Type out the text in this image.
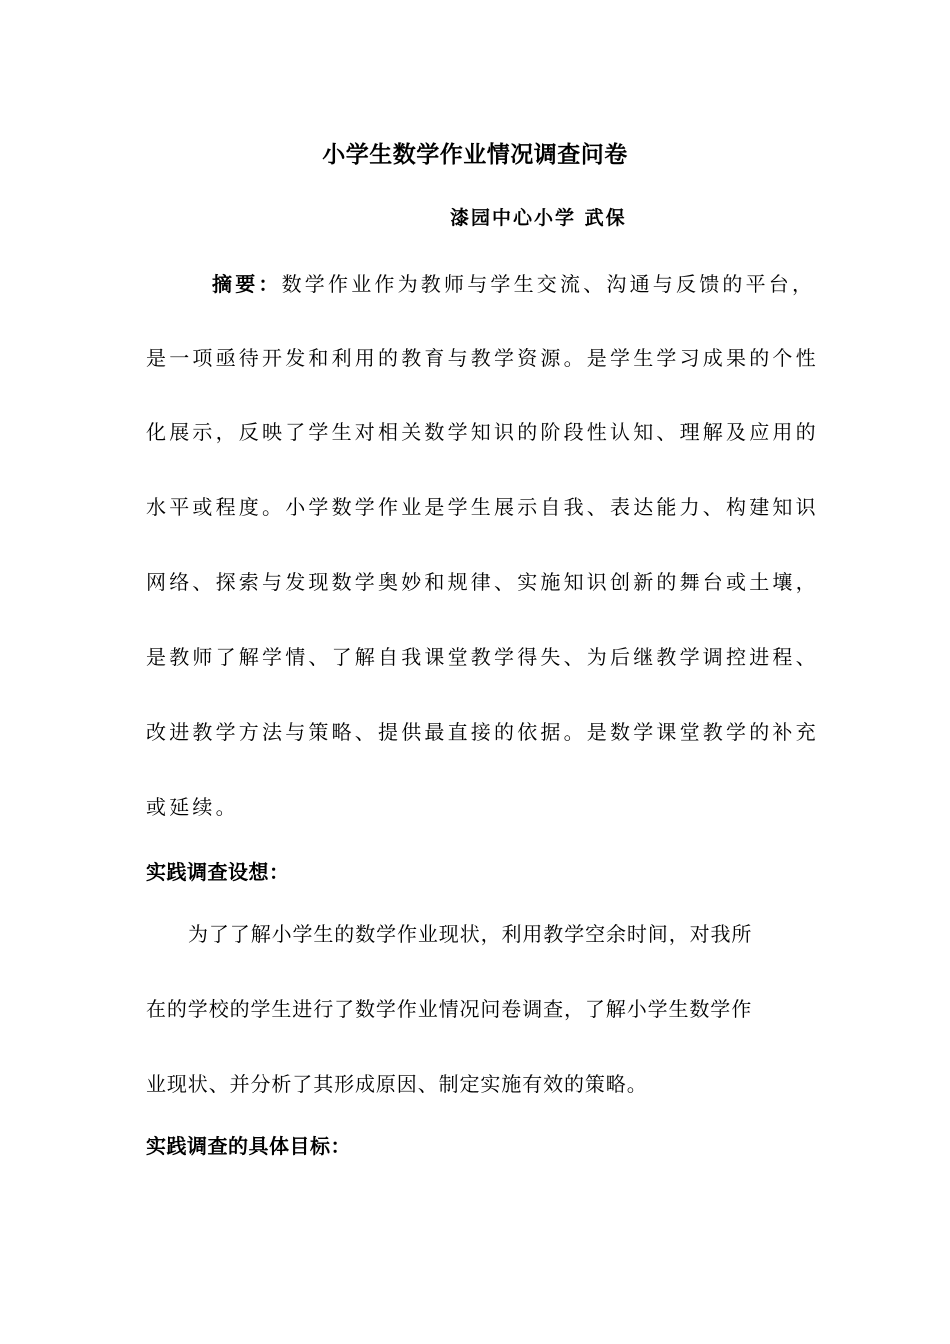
小学生数学作业情况调查问卷
漆园中心小学 武保
摘要：数学作业作为教师与学生交流、沟通与反馈的平台，
是一项亟待开发和利用的教育与教学资源。是学生学习成果的个性
化展示，反映了学生对相关数学知识的阶段性认知、理解及应用的
水平或程度。小学数学作业是学生展示自我、表达能力、构建知识
网络、探索与发现数学奥妙和规律、实施知识创新的舞台或土壤，
是教师了解学情、了解自我课堂教学得失、为后继教学调控进程、
改进教学方法与策略、提供最直接的依据。是数学课堂教学的补充
或延续。
实践调查设想：
为了了解小学生的数学作业现状，利用教学空余时间，对我所
在的学校的学生进行了数学作业情况问卷调查，了解小学生数学作
业现状、并分析了其形成原因、制定实施有效的策略。
实践调查的具体目标：
